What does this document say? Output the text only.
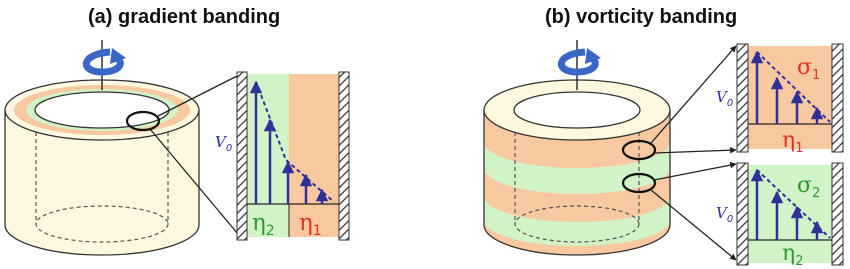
(a) gradient banding	(b) vorticity banding
$V_0$
$\eta_2$ $\eta_1$
$V_0$
$\sigma_1$
$\eta_1$
$V_0$
$\sigma_2$
$\eta_2$
